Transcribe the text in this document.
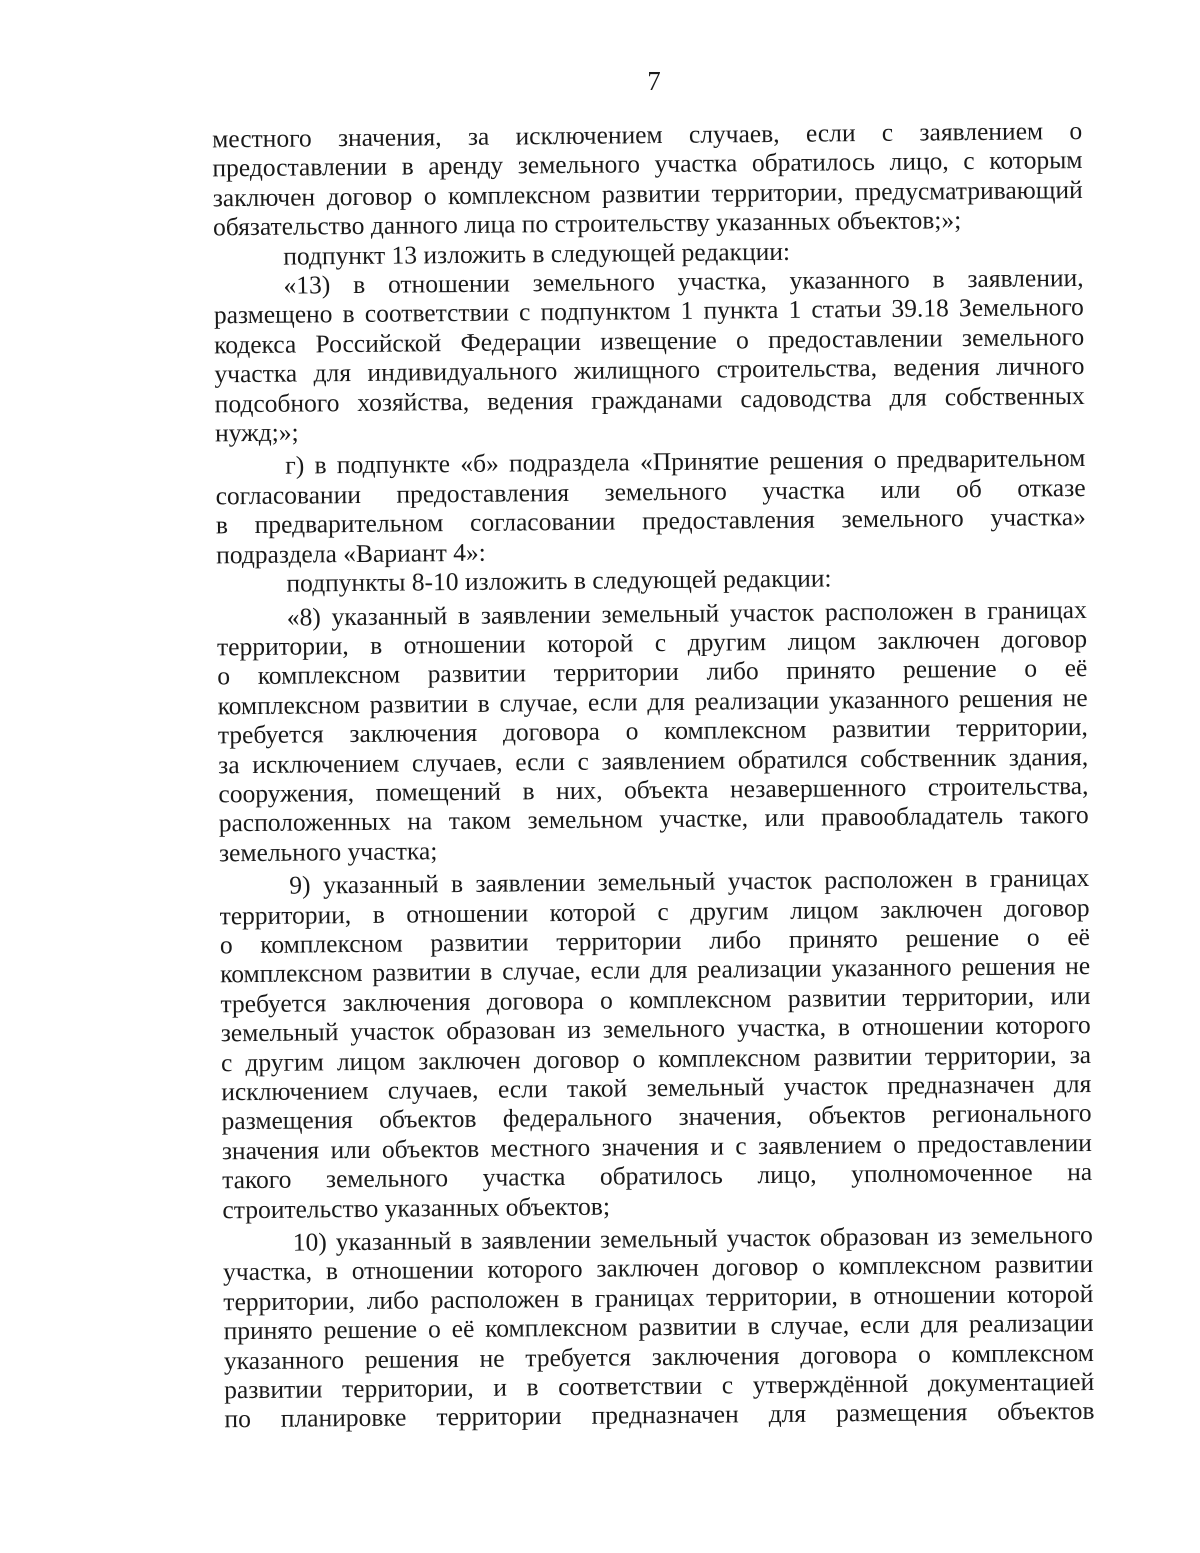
7

местного значения, за исключением случаев, если с заявлением о

предоставлении в аренду земельного участка обратилось лицо, с которым

заключен договор о комплексном развитии территории, предусматривающий

обязательство данного лица по строительству указанных объектов;»;

подпункт 13 изложить в следующей редакции:

«13) в отношении земельного участка, указанного в заявлении,

размещено в соответствии с подпунктом 1 пункта 1 статьи 39.18 Земельного

кодекса Российской Федерации извещение о предоставлении земельного

участка для индивидуального жилищного строительства, ведения личного

подсобного хозяйства, ведения гражданами садоводства для собственных

нужд;»;

г) в подпункте «б» подраздела «Принятие решения о предварительном

согласовании предоставления земельного участка или об отказе

в предварительном согласовании предоставления земельного участка»

подраздела «Вариант 4»:

подпункты 8-10 изложить в следующей редакции:

«8) указанный в заявлении земельный участок расположен в границах

территории, в отношении которой с другим лицом заключен договор

о комплексном развитии территории либо принято решение о её

комплексном развитии в случае, если для реализации указанного решения не

требуется заключения договора о комплексном развитии территории,

за исключением случаев, если с заявлением обратился собственник здания,

сооружения, помещений в них, объекта незавершенного строительства,

расположенных на таком земельном участке, или правообладатель такого

земельного участка;

9) указанный в заявлении земельный участок расположен в границах

территории, в отношении которой с другим лицом заключен договор

о комплексном развитии территории либо принято решение о её

комплексном развитии в случае, если для реализации указанного решения не

требуется заключения договора о комплексном развитии территории, или

земельный участок образован из земельного участка, в отношении которого

с другим лицом заключен договор о комплексном развитии территории, за

исключением случаев, если такой земельный участок предназначен для

размещения объектов федерального значения, объектов регионального

значения или объектов местного значения и с заявлением о предоставлении

такого земельного участка обратилось лицо, уполномоченное на

строительство указанных объектов;

10) указанный в заявлении земельный участок образован из земельного

участка, в отношении которого заключен договор о комплексном развитии

территории, либо расположен в границах территории, в отношении которой

принято решение о её комплексном развитии в случае, если для реализации

указанного решения не требуется заключения договора о комплексном

развитии территории, и в соответствии с утверждённой документацией

по планировке территории предназначен для размещения объектов
